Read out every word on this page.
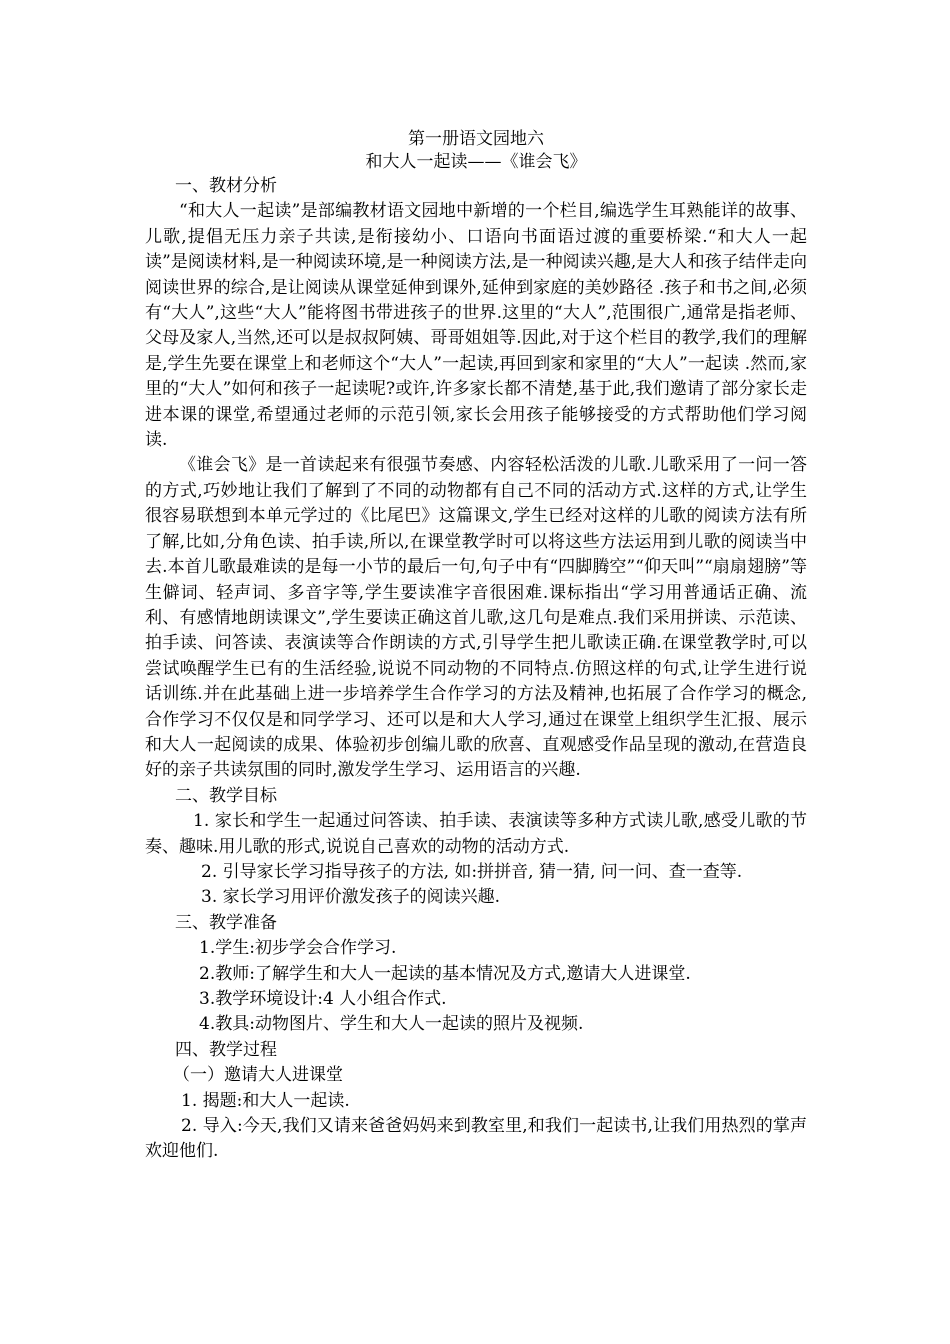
第一册语文园地六

和大人一起读——《谁会飞》

一、教材分析

“和大人一起读”是部编教材语文园地中新增的一个栏目,编选学生耳熟能详的故事、儿歌,提倡无压力亲子共读,是衔接幼小、口语向书面语过渡的重要桥梁.“和大人一起读”是阅读材料,是一种阅读环境,是一种阅读方法,是一种阅读兴趣,是大人和孩子结伴走向阅读世界的综合,是让阅读从课堂延伸到课外,延伸到家庭的美妙路径 .孩子和书之间,必须有“大人”,这些“大人”能将图书带进孩子的世界.这里的“大人”,范围很广,通常是指老师、父母及家人,当然,还可以是叔叔阿姨、哥哥姐姐等.因此,对于这个栏目的教学,我们的理解是,学生先要在课堂上和老师这个“大人”一起读,再回到家和家里的“大人”一起读 .然而,家里的“大人”如何和孩子一起读呢?或许,许多家长都不清楚,基于此,我们邀请了部分家长走进本课的课堂,希望通过老师的示范引领,家长会用孩子能够接受的方式帮助他们学习阅读.

《谁会飞》是一首读起来有很强节奏感、内容轻松活泼的儿歌.儿歌采用了一问一答的方式,巧妙地让我们了解到了不同的动物都有自己不同的活动方式.这样的方式,让学生很容易联想到本单元学过的《比尾巴》这篇课文,学生已经对这样的儿歌的阅读方法有所了解,比如,分角色读、拍手读,所以,在课堂教学时可以将这些方法运用到儿歌的阅读当中去.本首儿歌最难读的是每一小节的最后一句,句子中有“四脚腾空”“仰天叫”“扇扇翅膀”等生僻词、轻声词、多音字等,学生要读准字音很困难.课标指出“学习用普通话正确、流利、有感情地朗读课文”,学生要读正确这首儿歌,这几句是难点.我们采用拼读、示范读、拍手读、问答读、表演读等合作朗读的方式,引导学生把儿歌读正确.在课堂教学时,可以尝试唤醒学生已有的生活经验,说说不同动物的不同特点.仿照这样的句式,让学生进行说话训练.并在此基础上进一步培养学生合作学习的方法及精神,也拓展了合作学习的概念,合作学习不仅仅是和同学学习、还可以是和大人学习,通过在课堂上组织学生汇报、展示和大人一起阅读的成果、体验初步创编儿歌的欣喜、直观感受作品呈现的激动,在营造良好的亲子共读氛围的同时,激发学生学习、运用语言的兴趣.

二、教学目标

1. 家长和学生一起通过问答读、拍手读、表演读等多种方式读儿歌,感受儿歌的节奏、趣味.用儿歌的形式,说说自己喜欢的动物的活动方式.

2. 引导家长学习指导孩子的方法, 如:拼拼音, 猜一猜, 问一问、查一查等.

3. 家长学习用评价激发孩子的阅读兴趣.

三、教学准备

1.学生:初步学会合作学习.

2.教师:了解学生和大人一起读的基本情况及方式,邀请大人进课堂.

3.教学环境设计:4 人小组合作式.

4.教具:动物图片、学生和大人一起读的照片及视频.

四、教学过程

（一）邀请大人进课堂

1. 揭题:和大人一起读.

2. 导入:今天,我们又请来爸爸妈妈来到教室里,和我们一起读书,让我们用热烈的掌声欢迎他们.
